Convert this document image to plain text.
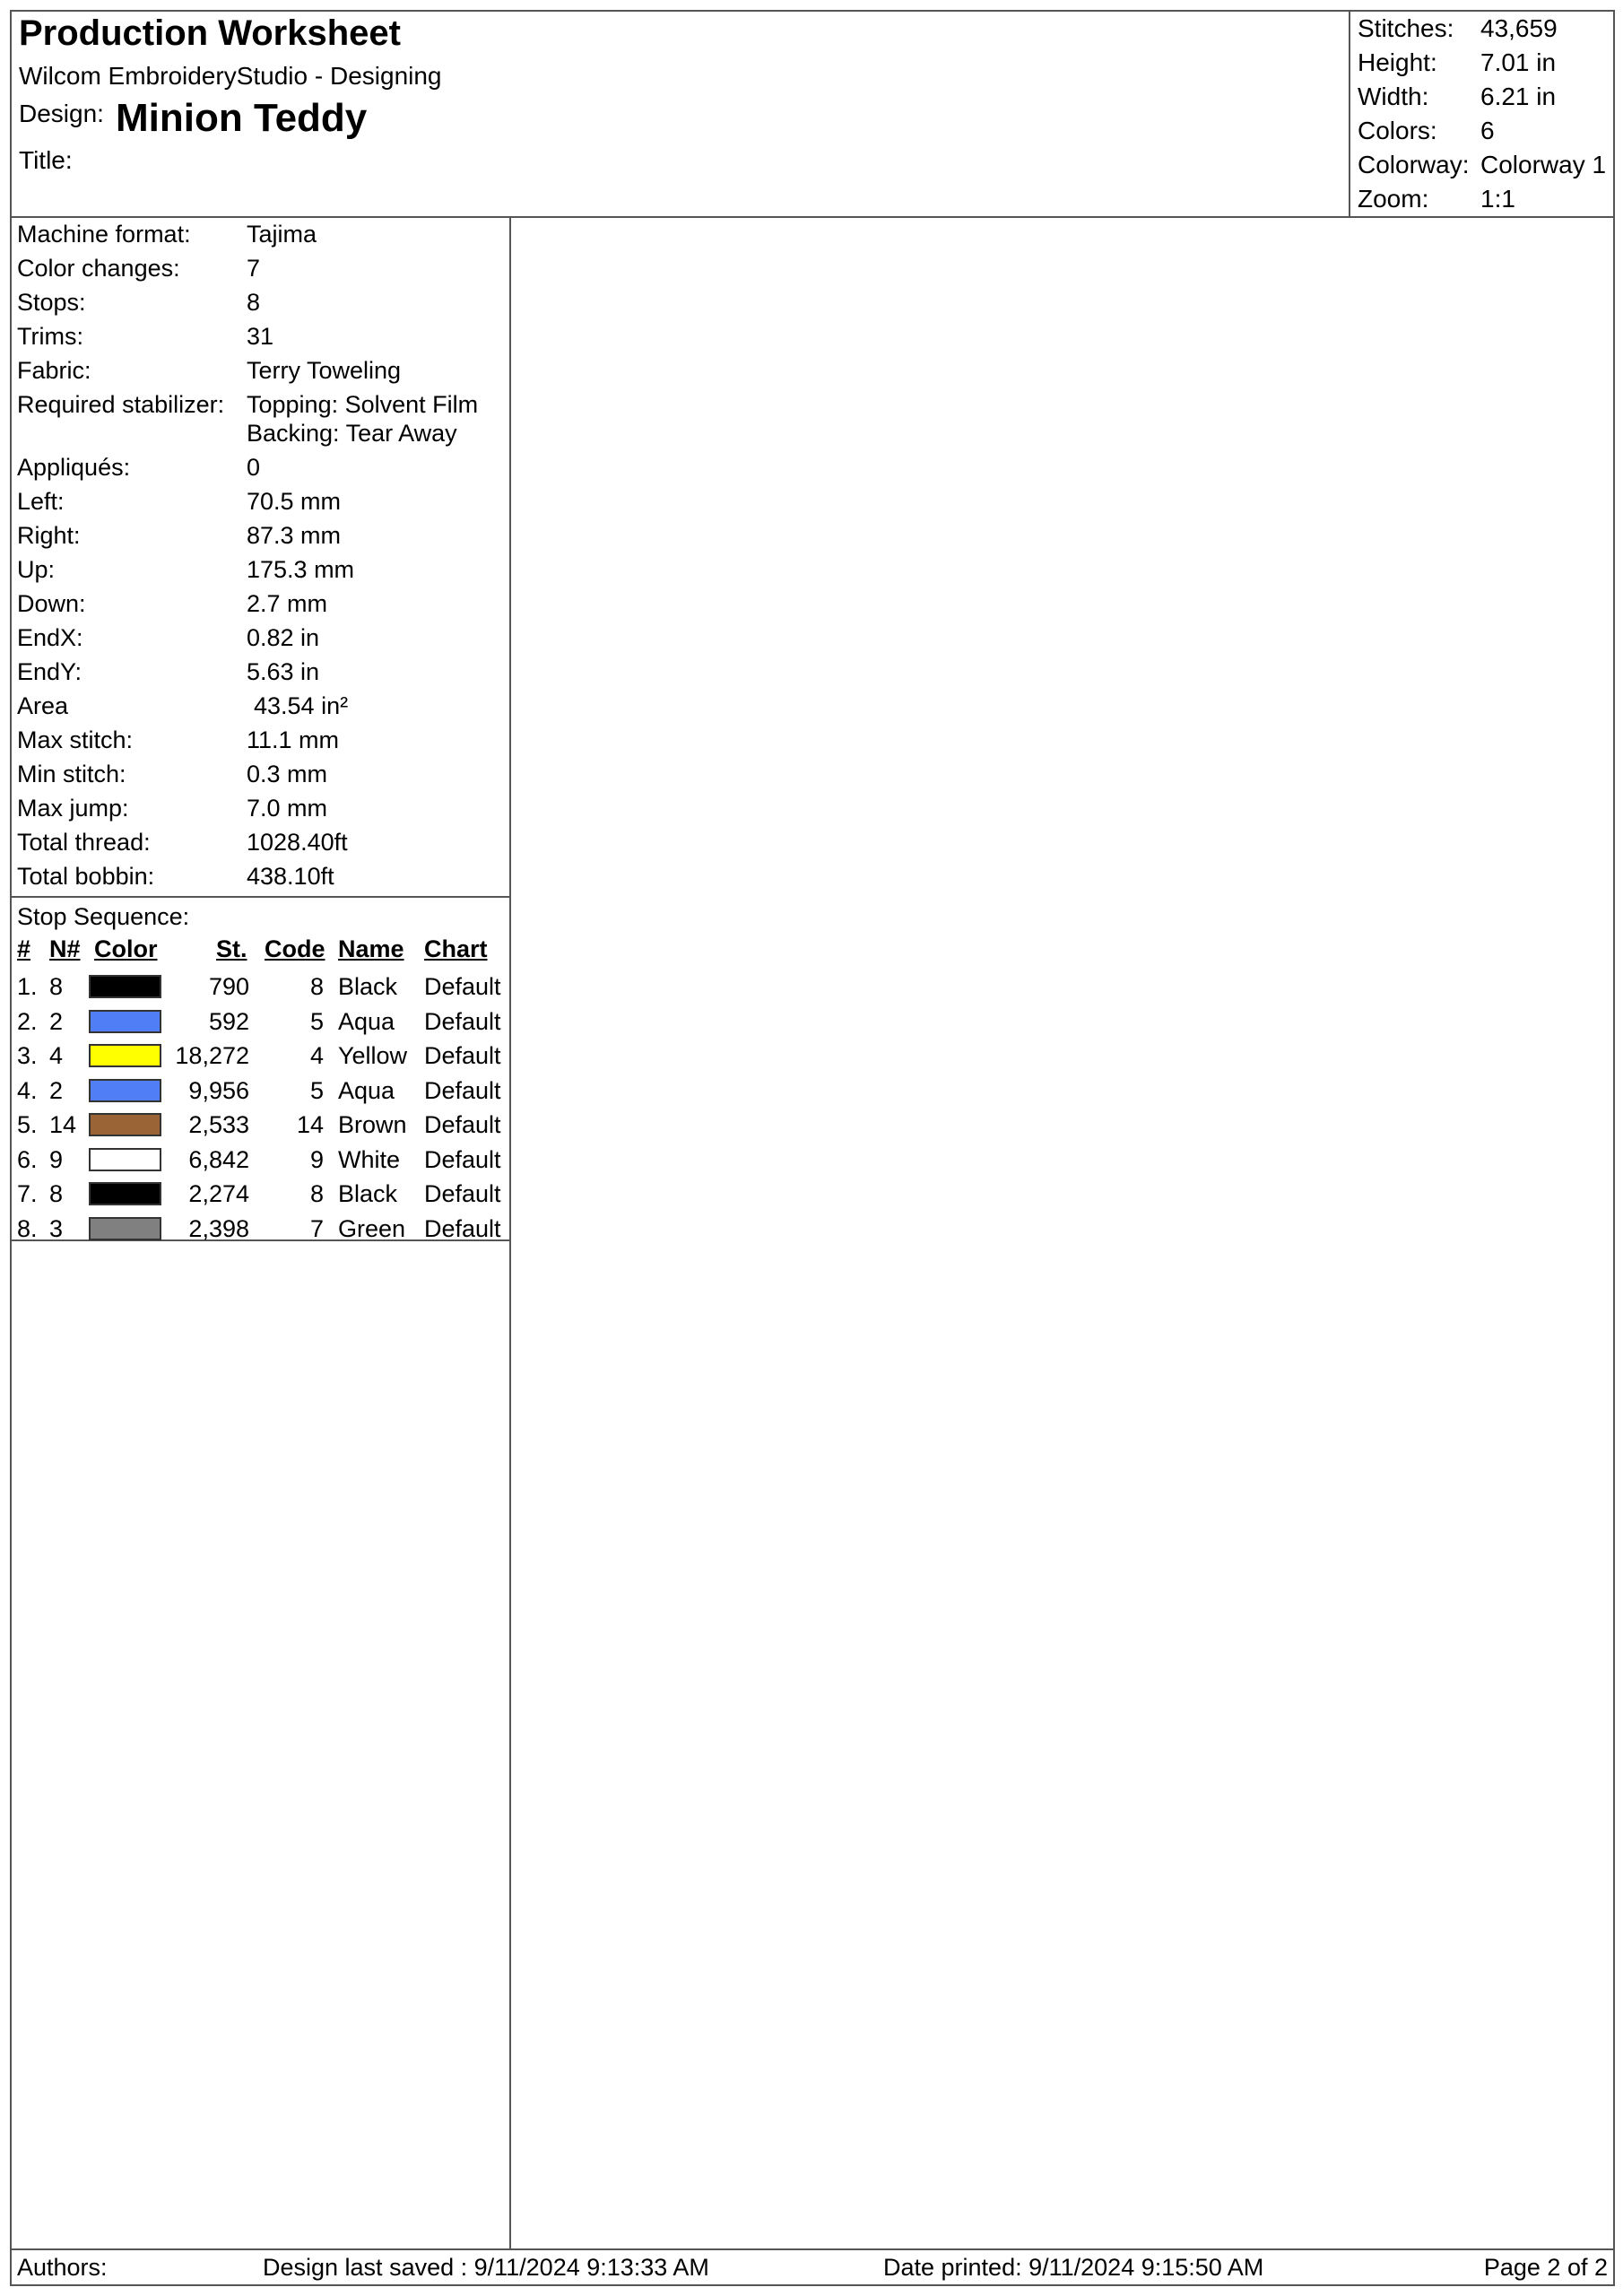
Production Worksheet
Wilcom EmbroideryStudio - Designing
Design: Minion Teddy
Title:
Stitches: 43,659
Height: 7.01 in
Width: 6.21 in
Colors: 6
Colorway: Colorway 1
Zoom: 1:1
Machine format: Tajima
Color changes:	7
Stops:	8
Trims:	31
Fabric:	Terry Toweling
Required stabilizer: Topping: Solvent Film
Backing: Tear Away
Appliqués:	0
Left:	70.5 mm
Right:	87.3 mm
Up:	175.3 mm
Down:	2.7 mm
EndX:	0.82 in
EndY:	5.63 in
Area	43.54 in²
Max stitch:	11.1 mm
Min stitch:	0.3 mm
Max jump:	7.0 mm
Total thread:	1028.40ft
Total bobbin:	438.10ft
Stop Sequence:
# N# Color St. Code Name Chart
1. 8	790	8 Black Default
2. 2	592	5 Aqua Default
3. 4	18,272	4 Yellow Default
4. 2	9,956	5 Aqua Default
5. 14	2,533 14 Brown Default
6. 9	6,842	9 White Default
7. 8	2,274	8 Black Default
8. 3	2,398	7 Green Default
Authors:	Design last saved : 9/11/2024 9:13:33 AM	Date printed: 9/11/2024 9:15:50 AM	Page 2 of 2
